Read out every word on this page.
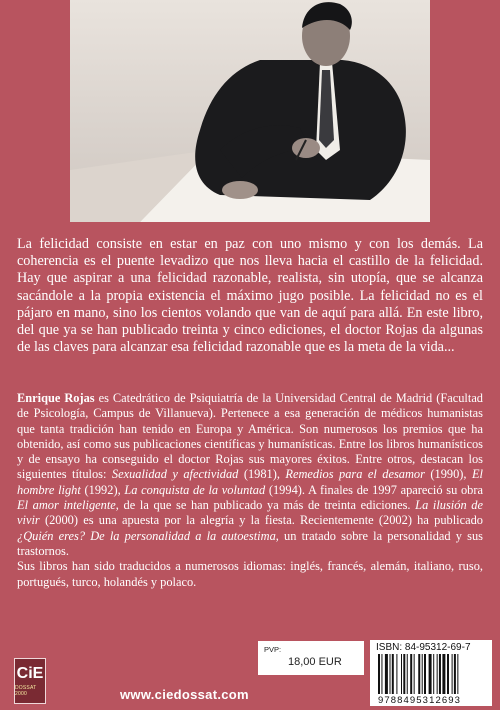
La felicidad consiste en estar en paz con uno mismo y con los demás. La coherencia es el puente levadizo que nos lleva hacia el castillo de la felicidad. Hay que aspirar a una felicidad razonable, realista, sin utopía, que se alcanza sacándole a la propia existencia el máximo jugo posible. La felicidad no es el pájaro en mano, sino los cientos volando que van de aquí para allá. En este libro, del que ya se han publicado treinta y cinco ediciones, el doctor Rojas da algunas de las claves para alcanzar esa felicidad razonable que es la meta de la vida...

Enrique Rojas es Catedrático de Psiquiatría de la Universidad Central de Madrid (Facultad de Psicología, Campus de Villanueva). Pertenece a esa generación de médicos humanistas que tanta tradición han tenido en Europa y América. Son numerosos los premios que ha obtenido, así como sus publicaciones científicas y humanísticas. Entre los libros humanísticos y de ensayo ha conseguido el doctor Rojas sus mayores éxitos. Entre otros, destacan los siguientes títulos: Sexualidad y afectividad (1981), Remedios para el desamor (1990), El hombre light (1992), La conquista de la voluntad (1994). A finales de 1997 apareció su obra El amor inteligente, de la que se han publicado ya más de treinta ediciones. La ilusión de vivir (2000) es una apuesta por la alegría y la fiesta. Recientemente (2002) ha publicado ¿Quién eres? De la personalidad a la autoestima, un tratado sobre la personalidad y sus trastornos.
Sus libros han sido traducidos a numerosos idiomas: inglés, francés, alemán, italiano, ruso, portugués, turco, holandés y polaco.
CiE
DOSSAT 2000
PVP:
18,00 EUR
www.ciedossat.com
ISBN: 84-95312-69-7
9788495312693
